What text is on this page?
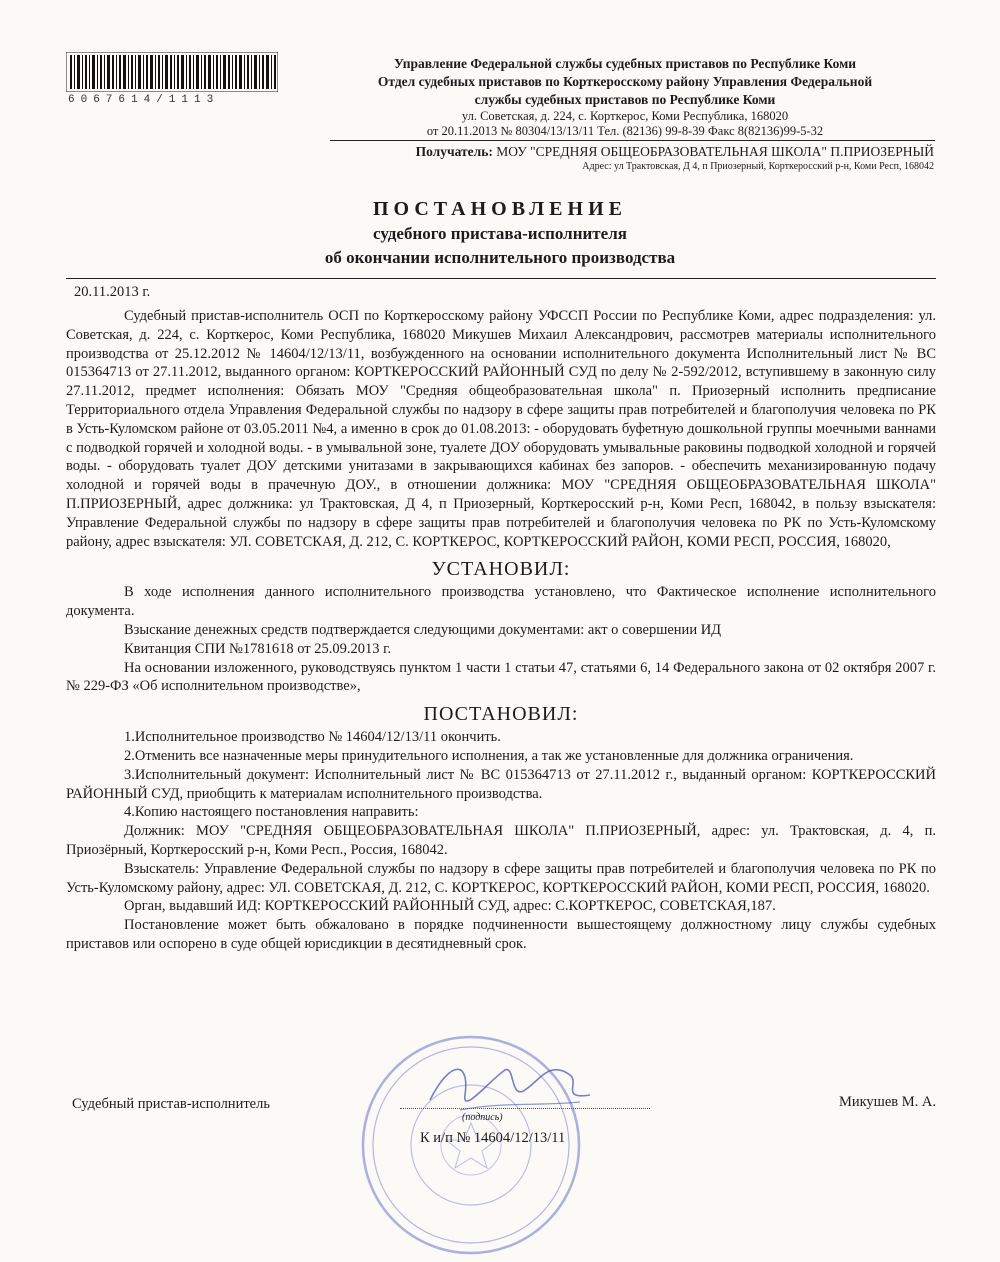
6067614/1113
Управление Федеральной службы судебных приставов по Республике Коми
Отдел судебных приставов по Корткеросскому району Управления Федеральной
службы судебных приставов по Республике Коми
ул. Советская, д. 224, с. Корткерос, Коми Республика, 168020
от 20.11.2013 № 80304/13/13/11 Тел. (82136) 99-8-39 Факс 8(82136)99-5-32
Получатель: МОУ "СРЕДНЯЯ ОБЩЕОБРАЗОВАТЕЛЬНАЯ ШКОЛА" П.ПРИОЗЕРНЫЙ
Адрес: ул Трактовская, Д 4, п Приозерный, Корткеросский р-н, Коми Респ, 168042
ПОСТАНОВЛЕНИЕ
судебного пристава-исполнителя
об окончании исполнительного производства
20.11.2013 г.

Судебный пристав-исполнитель ОСП по Корткеросскому району УФССП России по Республике Коми, адрес подразделения: ул. Советская, д. 224, с. Корткерос, Коми Республика, 168020 Микушев Михаил Александрович, рассмотрев материалы исполнительного производства от 25.12.2012 № 14604/12/13/11, возбужденного на основании исполнительного документа Исполнительный лист № ВС 015364713 от 27.11.2012, выданного органом: КОРТКЕРОССКИЙ РАЙОННЫЙ СУД по делу № 2-592/2012, вступившему в законную силу 27.11.2012, предмет исполнения: Обязать МОУ "Средняя общеобразовательная школа" п. Приозерный исполнить предписание Территориального отдела Управления Федеральной службы по надзору в сфере защиты прав потребителей и благополучия человека по РК в Усть-Куломском районе от 03.05.2011 №4, а именно в срок до 01.08.2013: - оборудовать буфетную дошкольной группы моечными ваннами с подводкой горячей и холодной воды. - в умывальной зоне, туалете ДОУ оборудовать умывальные раковины подводкой холодной и горячей воды. - оборудовать туалет ДОУ детскими унитазами в закрывающихся кабинах без запоров. - обеспечить механизированную подачу холодной и горячей воды в прачечную ДОУ., в отношении должника: МОУ "СРЕДНЯЯ ОБЩЕОБРАЗОВАТЕЛЬНАЯ ШКОЛА" П.ПРИОЗЕРНЫЙ, адрес должника: ул Трактовская, Д 4, п Приозерный, Корткеросский р-н, Коми Респ, 168042, в пользу взыскателя: Управление Федеральной службы по надзору в сфере защиты прав потребителей и благополучия человека по РК по Усть-Куломскому району, адрес взыскателя: УЛ. СОВЕТСКАЯ, Д. 212, С. КОРТКЕРОС, КОРТКЕРОССКИЙ РАЙОН, КОМИ РЕСП, РОССИЯ, 168020,

УСТАНОВИЛ:

В ходе исполнения данного исполнительного производства установлено, что Фактическое исполнение исполнительного документа.

Взыскание денежных средств подтверждается следующими документами: акт о совершении ИД

Квитанция СПИ №1781618 от 25.09.2013 г.

На основании изложенного, руководствуясь пунктом 1 части 1 статьи 47, статьями 6, 14 Федерального закона от 02 октября 2007 г. № 229-ФЗ «Об исполнительном производстве»,

ПОСТАНОВИЛ:

1.Исполнительное производство № 14604/12/13/11 окончить.

2.Отменить все назначенные меры принудительного исполнения, а так же установленные для должника ограничения.

3.Исполнительный документ: Исполнительный лист № ВС 015364713 от 27.11.2012 г., выданный органом: КОРТКЕРОССКИЙ РАЙОННЫЙ СУД, приобщить к материалам исполнительного производства.

4.Копию настоящего постановления направить:

Должник: МОУ "СРЕДНЯЯ ОБЩЕОБРАЗОВАТЕЛЬНАЯ ШКОЛА" П.ПРИОЗЕРНЫЙ, адрес: ул. Трактовская, д. 4, п. Приозёрный, Корткеросский р-н, Коми Респ., Россия, 168042.

Взыскатель: Управление Федеральной службы по надзору в сфере защиты прав потребителей и благополучия человека по РК по Усть-Куломскому району, адрес: УЛ. СОВЕТСКАЯ, Д. 212, С. КОРТКЕРОС, КОРТКЕРОССКИЙ РАЙОН, КОМИ РЕСП, РОССИЯ, 168020.

Орган, выдавший ИД: КОРТКЕРОССКИЙ РАЙОННЫЙ СУД, адрес: С.КОРТКЕРОС, СОВЕТСКАЯ,187.

Постановление может быть обжаловано в порядке подчиненности вышестоящему должностному лицу службы судебных приставов или оспорено в суде общей юрисдикции в десятидневный срок.

Судебный пристав-исполнитель
(подпись)
Микушев М. А.
К и/п № 14604/12/13/11
